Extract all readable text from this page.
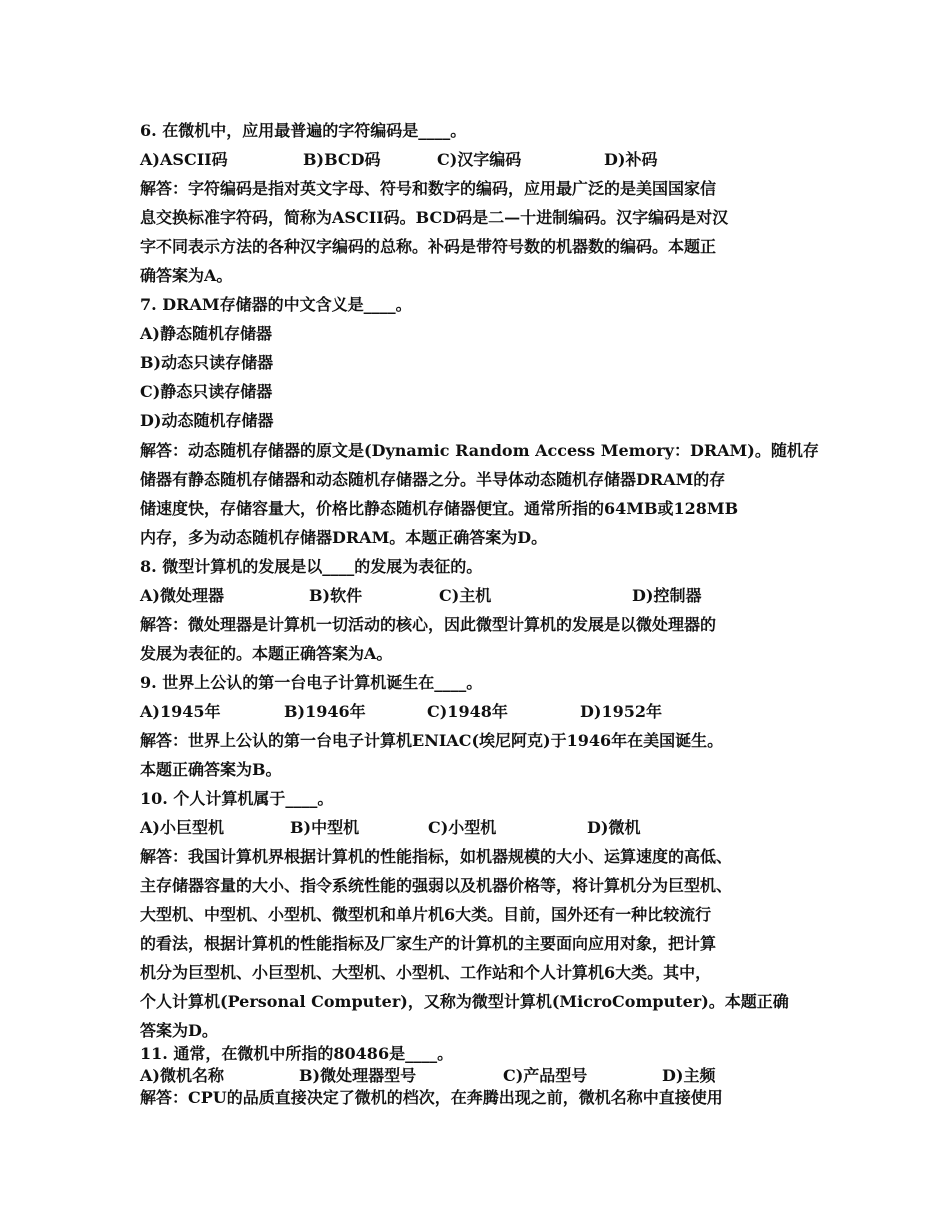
6. 在微机中，应用最普遍的字符编码是____。
A)ASCII码	B)BCD码	C)汉字编码	D)补码
解答：字符编码是指对英文字母、符号和数字的编码，应用最广泛的是美国国家信
息交换标准字符码，简称为ASCII码。BCD码是二—十进制编码。汉字编码是对汉
字不同表示方法的各种汉字编码的总称。补码是带符号数的机器数的编码。本题正
确答案为A。
7. DRAM存储器的中文含义是____。
A)静态随机存储器
B)动态只读存储器
C)静态只读存储器
D)动态随机存储器
解答：动态随机存储器的原文是(Dynamic Random Access Memory：DRAM)。随机存
储器有静态随机存储器和动态随机存储器之分。半导体动态随机存储器DRAM的存
储速度快，存储容量大，价格比静态随机存储器便宜。通常所指的64MB或128MB
内存，多为动态随机存储器DRAM。本题正确答案为D。
8. 微型计算机的发展是以____的发展为表征的。
A)微处理器	B)软件	C)主机	D)控制器
解答：微处理器是计算机一切活动的核心，因此微型计算机的发展是以微处理器的
发展为表征的。本题正确答案为A。
9. 世界上公认的第一台电子计算机诞生在____。
A)1945年	B)1946年	C)1948年	D)1952年
解答：世界上公认的第一台电子计算机ENIAC(埃尼阿克)于1946年在美国诞生。
本题正确答案为B。
10. 个人计算机属于____。
A)小巨型机	B)中型机	C)小型机	D)微机
解答：我国计算机界根据计算机的性能指标，如机器规模的大小、运算速度的高低、
主存储器容量的大小、指令系统性能的强弱以及机器价格等，将计算机分为巨型机、
大型机、中型机、小型机、微型机和单片机6大类。目前，国外还有一种比较流行
的看法，根据计算机的性能指标及厂家生产的计算机的主要面向应用对象，把计算
机分为巨型机、小巨型机、大型机、小型机、工作站和个人计算机6大类。其中，
个人计算机(Personal Computer)，又称为微型计算机(MicroComputer)。本题正确
答案为D。
11. 通常，在微机中所指的80486是____。
A)微机名称	B)微处理器型号	C)产品型号	D)主频
解答：CPU的品质直接决定了微机的档次，在奔腾出现之前，微机名称中直接使用
